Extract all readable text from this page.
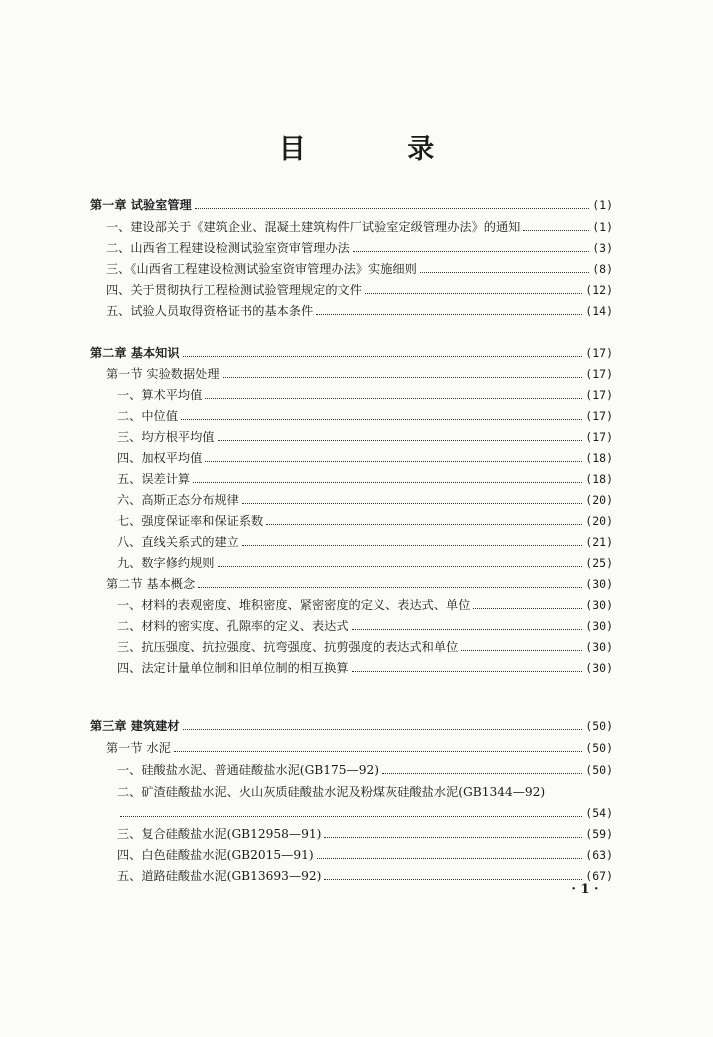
目 录
第一章 试验室管理	(1)
一、建设部关于《建筑企业、混凝土建筑构件厂试验室定级管理办法》的通知	(1)
二、山西省工程建设检测试验室资审管理办法	(3)
三、《山西省工程建设检测试验室资审管理办法》实施细则	(8)
四、关于贯彻执行工程检测试验管理规定的文件	(12)
五、试验人员取得资格证书的基本条件	(14)
第二章 基本知识	(17)
第一节 实验数据处理	(17)
一、算术平均值	(17)
二、中位值	(17)
三、均方根平均值	(17)
四、加权平均值	(18)
五、误差计算	(18)
六、高斯正态分布规律	(20)
七、强度保证率和保证系数	(20)
八、直线关系式的建立	(21)
九、数字修约规则	(25)
第二节 基本概念	(30)
一、材料的表观密度、堆积密度、紧密密度的定义、表达式、单位	(30)
二、材料的密实度、孔隙率的定义、表达式	(30)
三、抗压强度、抗拉强度、抗弯强度、抗剪强度的表达式和单位	(30)
四、法定计量单位制和旧单位制的相互换算	(30)
第三章 建筑建材	(50)
第一节 水泥	(50)
一、硅酸盐水泥、普通硅酸盐水泥(GB175—92)	(50)
二、矿渣硅酸盐水泥、火山灰质硅酸盐水泥及粉煤灰硅酸盐水泥(GB1344—92)
(54)
三、复合硅酸盐水泥(GB12958—91)	(59)
四、白色硅酸盐水泥(GB2015—91)	(63)
五、道路硅酸盐水泥(GB13693—92)	(67)
· 1 ·
